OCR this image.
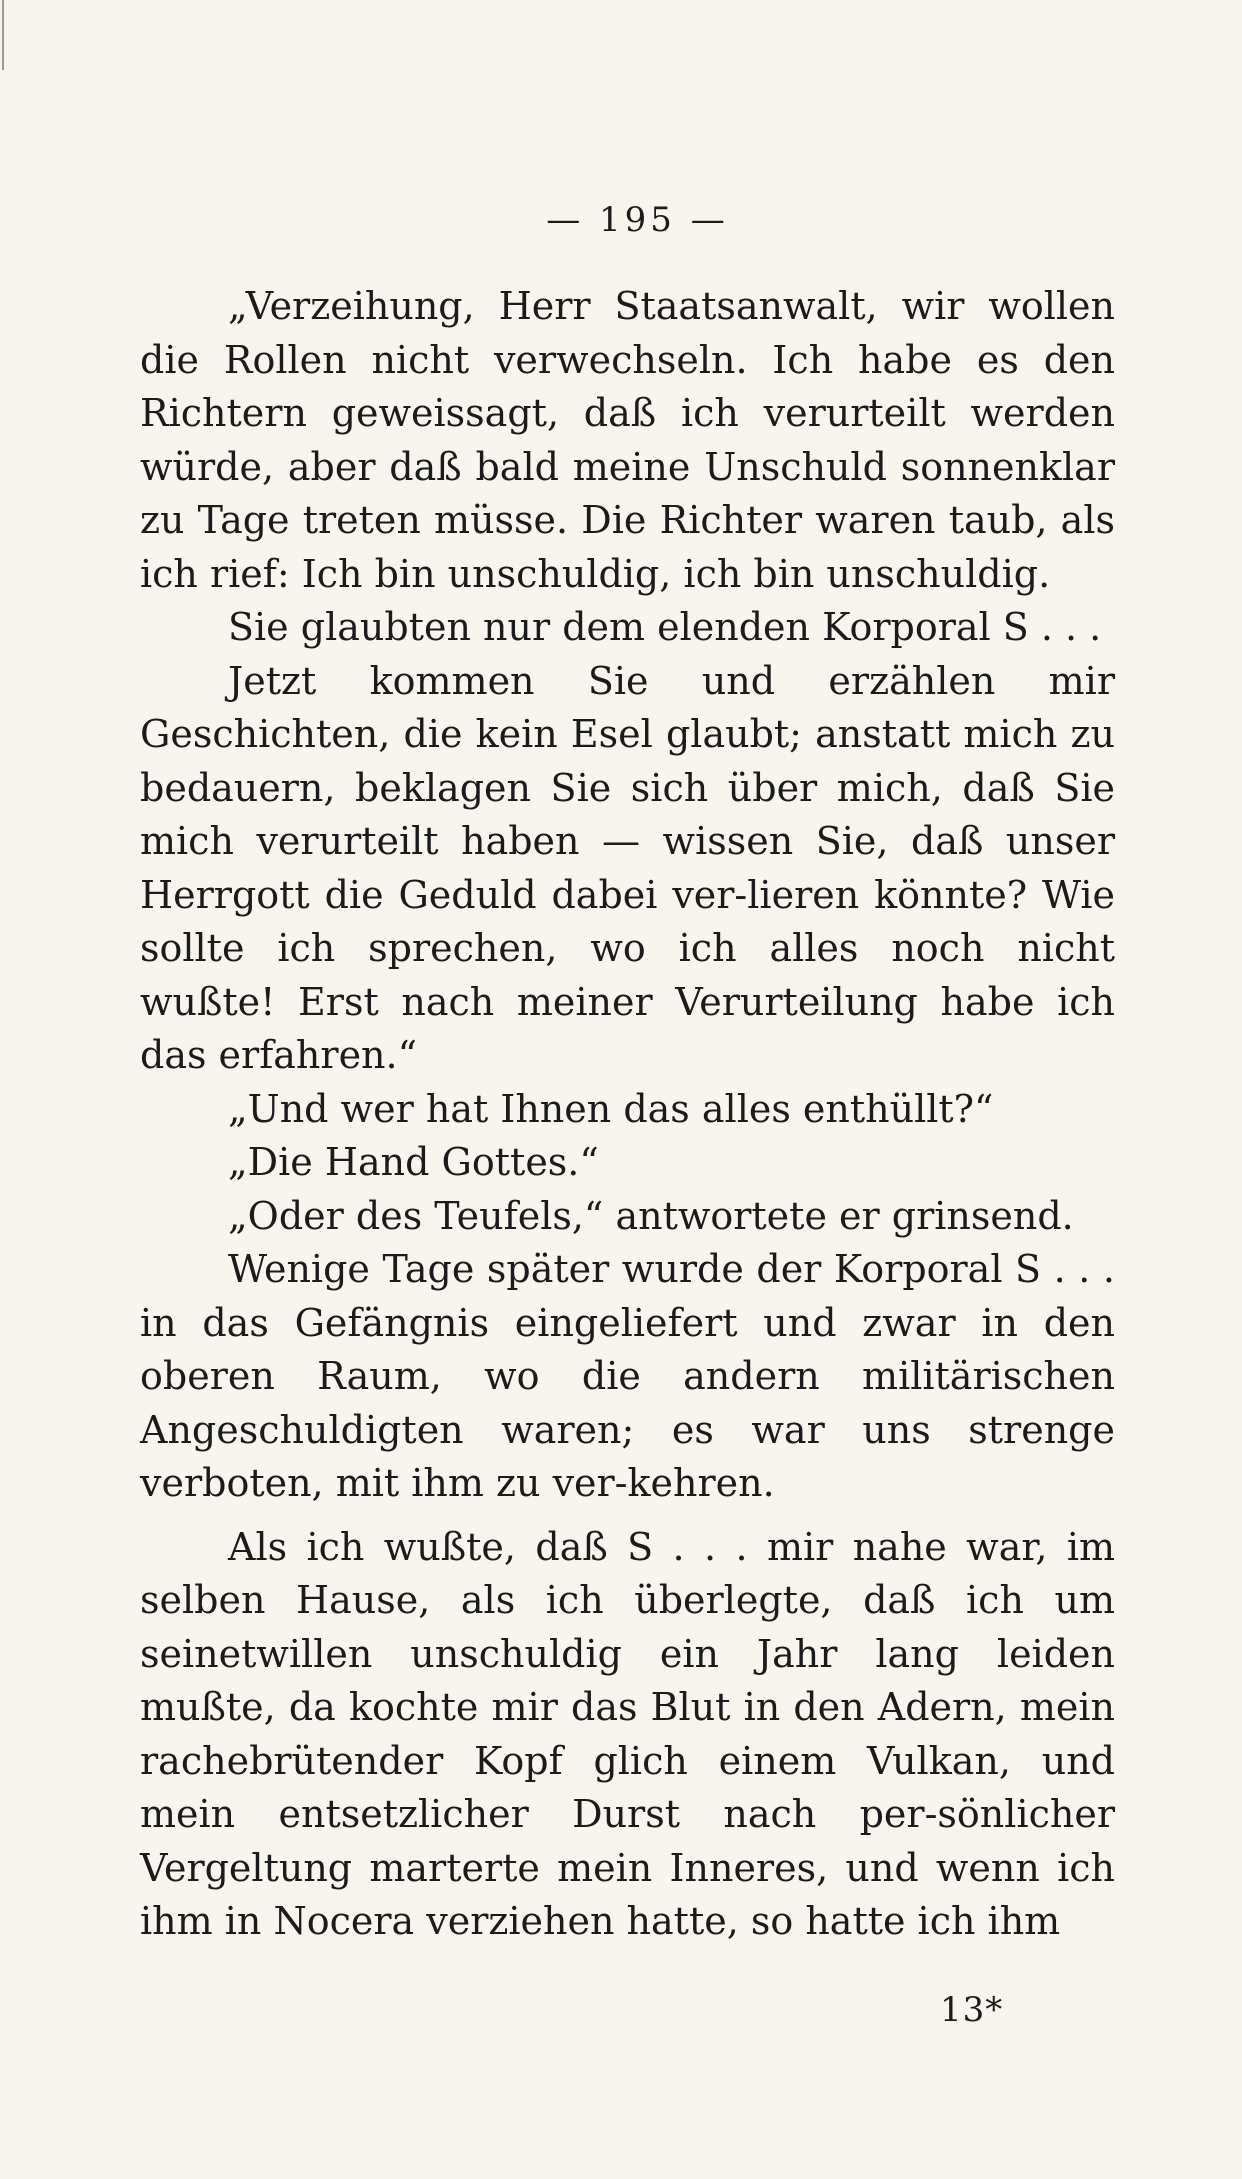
— 195 —

„Verzeihung, Herr Staatsanwalt, wir wollen die Rollen nicht verwechseln. Ich habe es den Richtern geweissagt, daß ich verurteilt werden würde, aber daß bald meine Unschuld sonnenklar zu Tage treten müsse. Die Richter waren taub, als ich rief: Ich bin unschuldig, ich bin unschuldig.

Sie glaubten nur dem elenden Korporal S . . .

Jetzt kommen Sie und erzählen mir Geschichten, die kein Esel glaubt; anstatt mich zu bedauern, beklagen Sie sich über mich, daß Sie mich verurteilt haben — wissen Sie, daß unser Herrgott die Geduld dabei ver-lieren könnte? Wie sollte ich sprechen, wo ich alles noch nicht wußte! Erst nach meiner Verurteilung habe ich das erfahren.“

„Und wer hat Ihnen das alles enthüllt?“

„Die Hand Gottes.“

„Oder des Teufels,“ antwortete er grinsend.

Wenige Tage später wurde der Korporal S . . . in das Gefängnis eingeliefert und zwar in den oberen Raum, wo die andern militärischen Angeschuldigten waren; es war uns strenge verboten, mit ihm zu ver-kehren.

Als ich wußte, daß S . . . mir nahe war, im selben Hause, als ich überlegte, daß ich um seinetwillen unschuldig ein Jahr lang leiden mußte, da kochte mir das Blut in den Adern, mein rachebrütender Kopf glich einem Vulkan, und mein entsetzlicher Durst nach per-sönlicher Vergeltung marterte mein Inneres, und wenn ich ihm in Nocera verziehen hatte, so hatte ich ihm

13*
